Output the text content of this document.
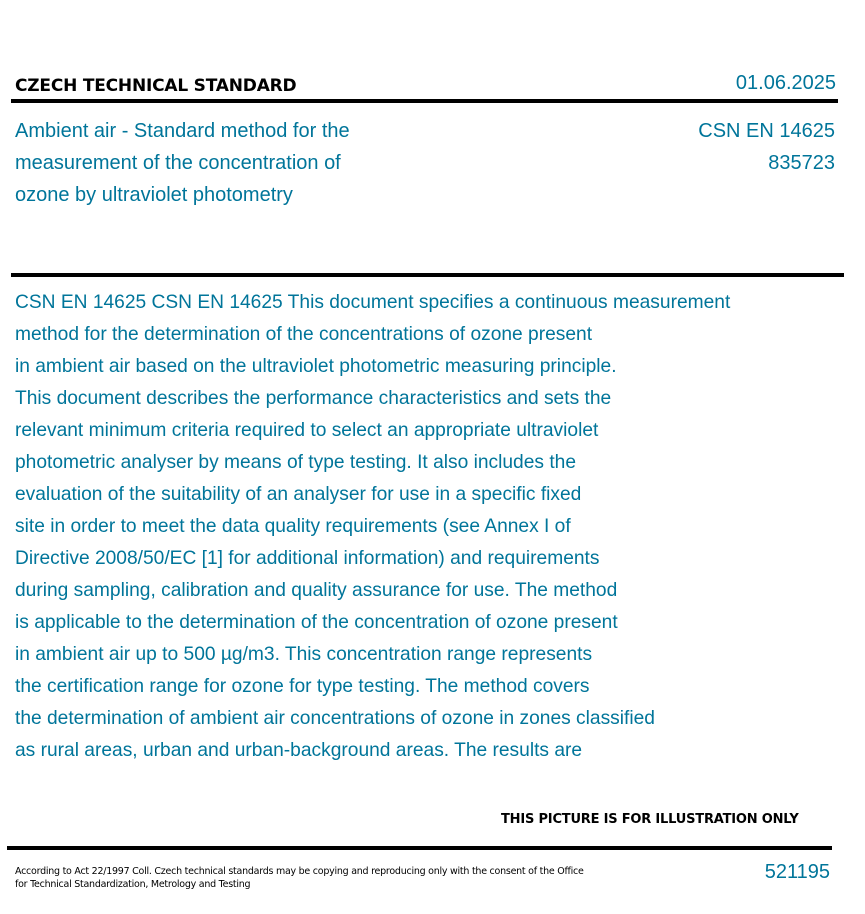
CZECH TECHNICAL STANDARD	01.06.2025
Ambient air - Standard method for the
measurement of the concentration of
ozone by ultraviolet photometry
CSN EN 14625
835723
CSN EN 14625 CSN EN 14625 This document specifies a continuous measurement
method for the determination of the concentrations of ozone present
in ambient air based on the ultraviolet photometric measuring principle.
This document describes the performance characteristics and sets the
relevant minimum criteria required to select an appropriate ultraviolet
photometric analyser by means of type testing. It also includes the
evaluation of the suitability of an analyser for use in a specific fixed
site in order to meet the data quality requirements (see Annex I of
Directive 2008/50/EC [1] for additional information) and requirements
during sampling, calibration and quality assurance for use. The method
is applicable to the determination of the concentration of ozone present
in ambient air up to 500 µg/m3. This concentration range represents
the certification range for ozone for type testing. The method covers
the determination of ambient air concentrations of ozone in zones classified
as rural areas, urban and urban-background areas. The results are
THIS PICTURE IS FOR ILLUSTRATION ONLY
According to Act 22/1997 Coll. Czech technical standards may be copying and reproducing only with the consent of the Office
for Technical Standardization, Metrology and Testing
521195
